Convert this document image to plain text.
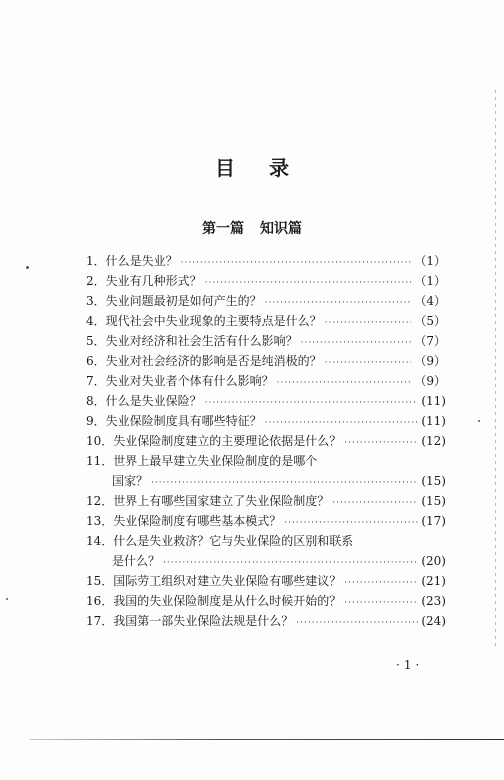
目录
第一篇 知识篇
1．什么是失业？ ·····	（1）
2．失业有几种形式？ ·····	（1）
3．失业问题最初是如何产生的？ ·····	（4）
4．现代社会中失业现象的主要特点是什么？ ·····	（5）
5．失业对经济和社会生活有什么影响？ ·····	（7）
6．失业对社会经济的影响是否是纯消极的？ ·····	（9）
7．失业对失业者个体有什么影响？ ·····	（9）
8．什么是失业保险？ ·····	(11)
9．失业保险制度具有哪些特征？ ·····	(11)
10．失业保险制度建立的主要理论依据是什么？ ·····	(12)
11．世界上最早建立失业保险制度的是哪个
国家？ ·····	(15)
12．世界上有哪些国家建立了失业保险制度？ ·····	(15)
13．失业保险制度有哪些基本模式？ ·····	(17)
14．什么是失业救济？它与失业保险的区别和联系
是什么？ ·····	(20)
15．国际劳工组织对建立失业保险有哪些建议？ ·····	(21)
16．我国的失业保险制度是从什么时候开始的？ ·····	(23)
17．我国第一部失业保险法规是什么？ ·····	(24)
·1·
